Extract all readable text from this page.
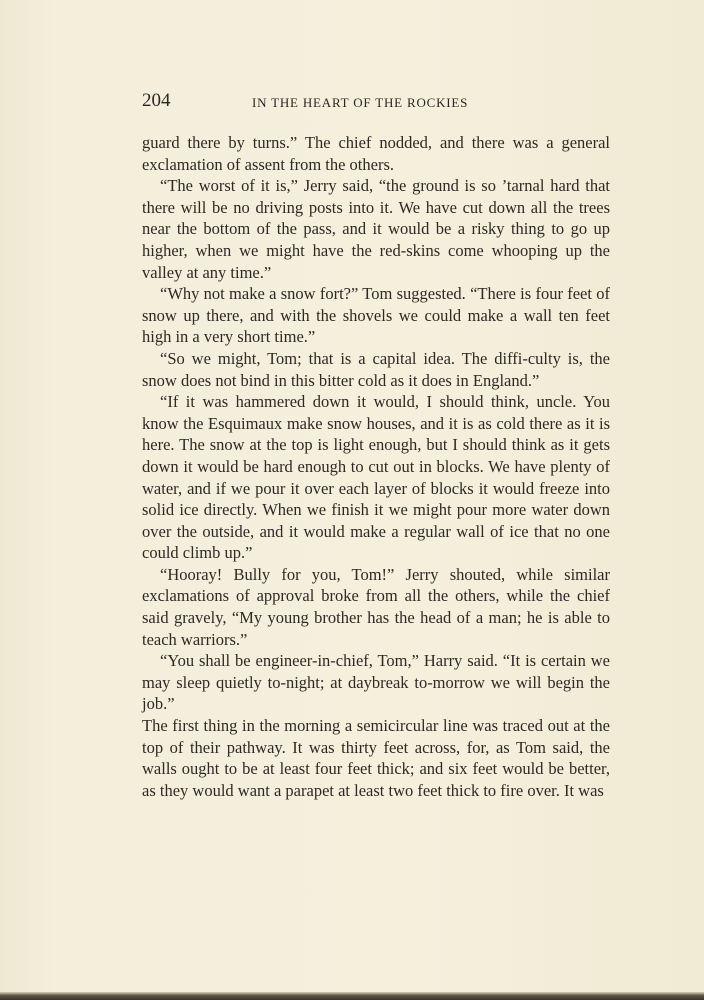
204	IN THE HEART OF THE ROCKIES

guard there by turns.” The chief nodded, and there was a general exclamation of assent from the others.

“The worst of it is,” Jerry said, “the ground is so ’tarnal hard that there will be no driving posts into it. We have cut down all the trees near the bottom of the pass, and it would be a risky thing to go up higher, when we might have the red-skins come whooping up the valley at any time.”

“Why not make a snow fort?” Tom suggested. “There is four feet of snow up there, and with the shovels we could make a wall ten feet high in a very short time.”

“So we might, Tom; that is a capital idea. The diffi-culty is, the snow does not bind in this bitter cold as it does in England.”

“If it was hammered down it would, I should think, uncle. You know the Esquimaux make snow houses, and it is as cold there as it is here. The snow at the top is light enough, but I should think as it gets down it would be hard enough to cut out in blocks. We have plenty of water, and if we pour it over each layer of blocks it would freeze into solid ice directly. When we finish it we might pour more water down over the outside, and it would make a regular wall of ice that no one could climb up.”

“Hooray! Bully for you, Tom!” Jerry shouted, while similar exclamations of approval broke from all the others, while the chief said gravely, “My young brother has the head of a man; he is able to teach warriors.”

“You shall be engineer-in-chief, Tom,” Harry said. “It is certain we may sleep quietly to-night; at daybreak to-morrow we will begin the job.”

The first thing in the morning a semicircular line was traced out at the top of their pathway. It was thirty feet across, for, as Tom said, the walls ought to be at least four feet thick; and six feet would be better, as they would want a parapet at least two feet thick to fire over. It was
